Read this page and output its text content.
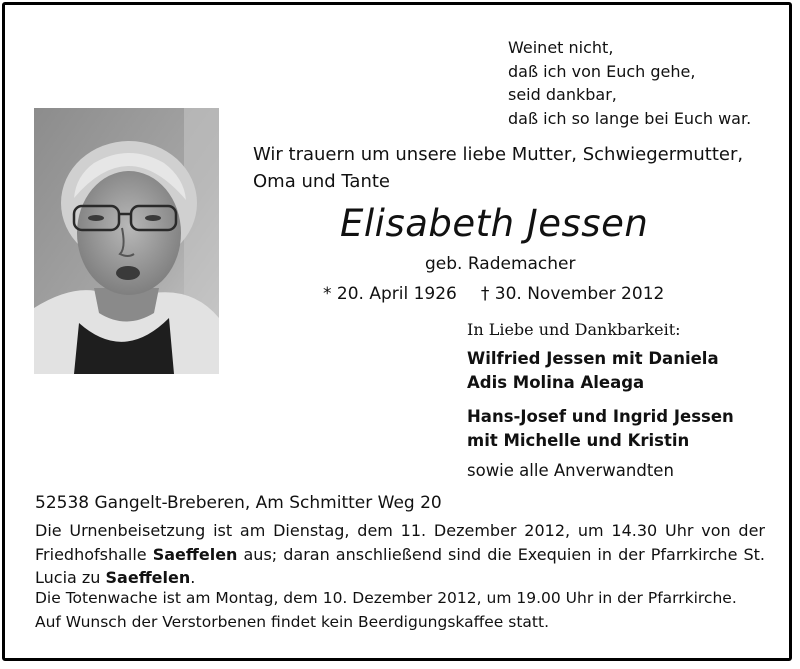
Weinet nicht,
daß ich von Euch gehe,
seid dankbar,
daß ich so lange bei Euch war.
Wir trauern um unsere liebe Mutter, Schwiegermutter,
Oma und Tante
Elisabeth Jessen
geb. Rademacher
* 20. April 1926 † 30. November 2012
In Liebe und Dankbarkeit:
Wilfried Jessen mit Daniela
Adis Molina Aleaga
Hans-Josef und Ingrid Jessen
mit Michelle und Kristin
sowie alle Anverwandten
52538 Gangelt-Breberen, Am Schmitter Weg 20
Die Urnenbeisetzung ist am Dienstag, dem 11. Dezember 2012, um 14.30 Uhr von der Friedhofshalle Saeffelen aus; daran anschließend sind die Exequien in der Pfarrkirche St. Lucia zu Saeffelen.
Die Totenwache ist am Montag, dem 10. Dezember 2012, um 19.00 Uhr in der Pfarrkirche.
Auf Wunsch der Verstorbenen findet kein Beerdigungskaffee statt.
